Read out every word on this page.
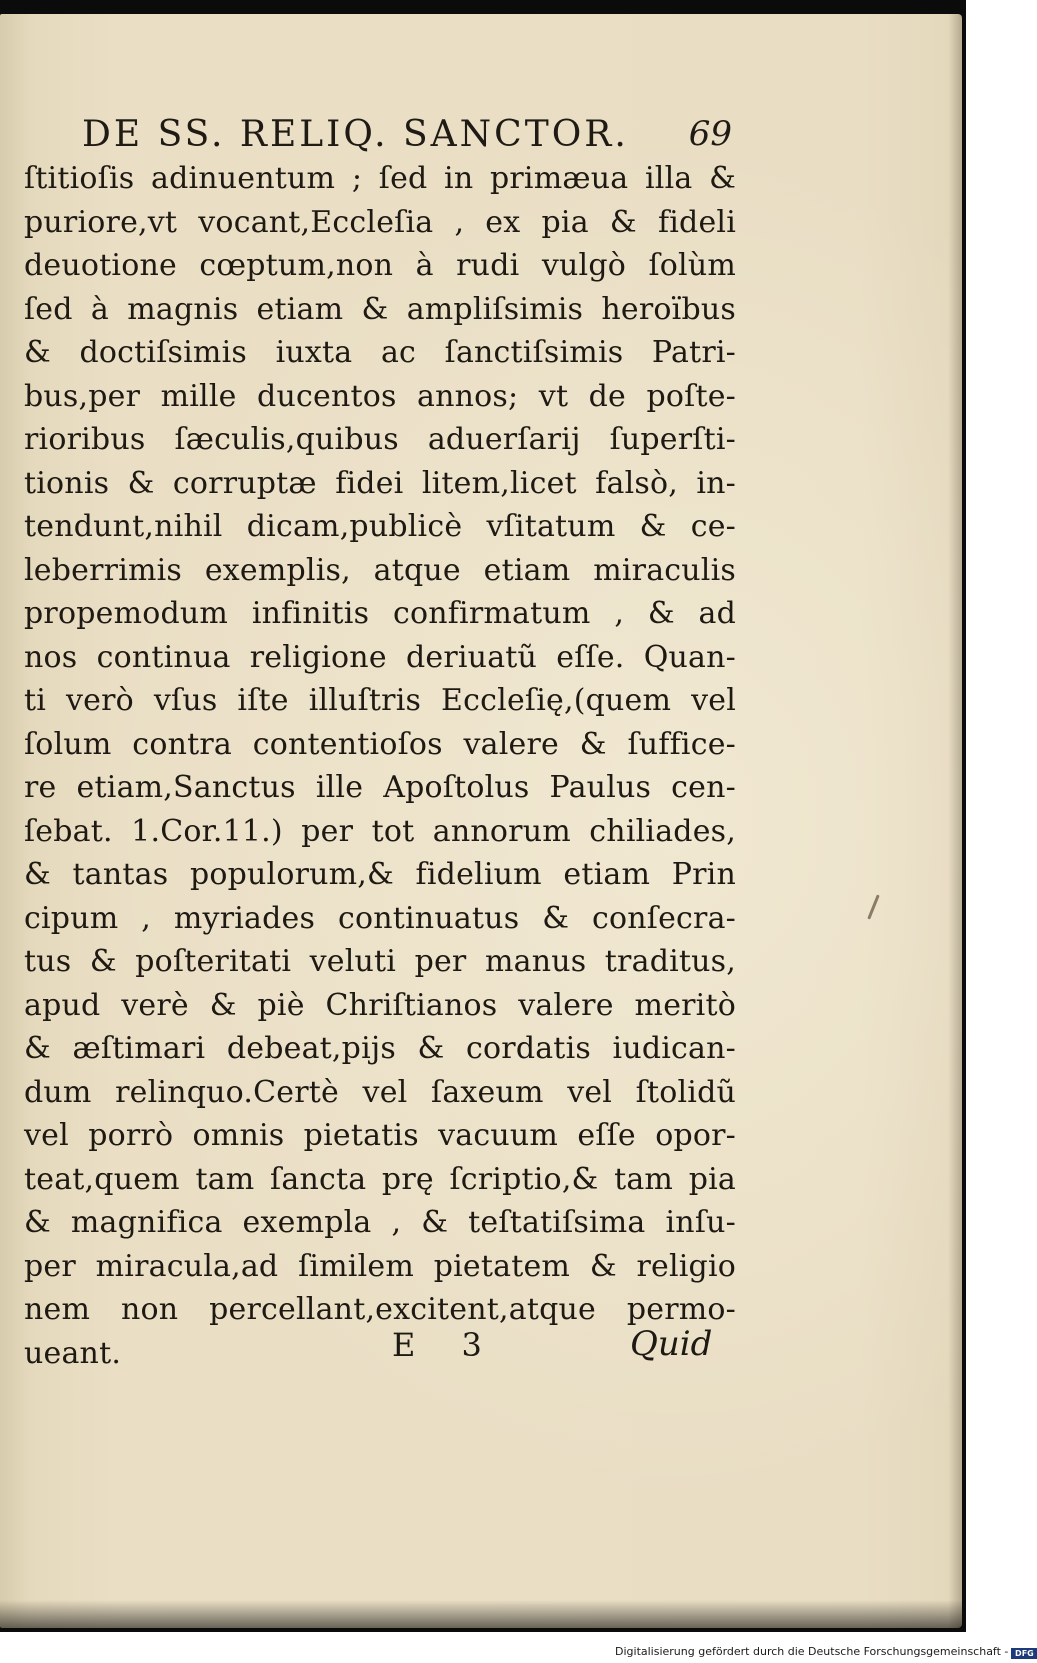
DE SS. RELIQ. SANCTOR. 69
ſtitioſis adinuentum ; ſed in primæua illa &
puriore,vt vocant,Eccleſia , ex pia & fideli
deuotione cœptum,non à rudi vulgò ſolùm
ſed à magnis etiam & ampliſsimis heroïbus
& doctiſsimis iuxta ac ſanctiſsimis Patri-
bus,per mille ducentos annos; vt de poſte-
rioribus ſæculis,quibus aduerſarij ſuperſti-
tionis & corruptæ fidei litem,licet falsò, in-
tendunt,nihil dicam,publicè vſitatum & ce-
leberrimis exemplis, atque etiam miraculis
propemodum infinitis confirmatum , & ad
nos continua religione deriuatũ eſſe. Quan-
ti verò vſus iſte illuſtris Eccleſię,(quem vel
ſolum contra contentioſos valere & ſuffice-
re etiam,Sanctus ille Apoſtolus Paulus cen-
ſebat. 1.Cor.11.) per tot annorum chiliades,
& tantas populorum,& fidelium etiam Prin
cipum , myriades continuatus & conſecra-
tus & poſteritati veluti per manus traditus,
apud verè & piè Chriſtianos valere meritò
& æſtimari debeat,pijs & cordatis iudican-
dum relinquo.Certè vel ſaxeum vel ſtolidũ
vel porrò omnis pietatis vacuum eſſe opor-
teat,quem tam ſancta prę ſcriptio,& tam pia
& magnifica exempla , & teſtatiſsima inſu-
per miracula,ad ſimilem pietatem & religio
nem non percellant,excitent,atque permo-
ueant.	E 3	Quid
Digitalisierung gefördert durch die Deutsche Forschungsgemeinschaft - DFG
